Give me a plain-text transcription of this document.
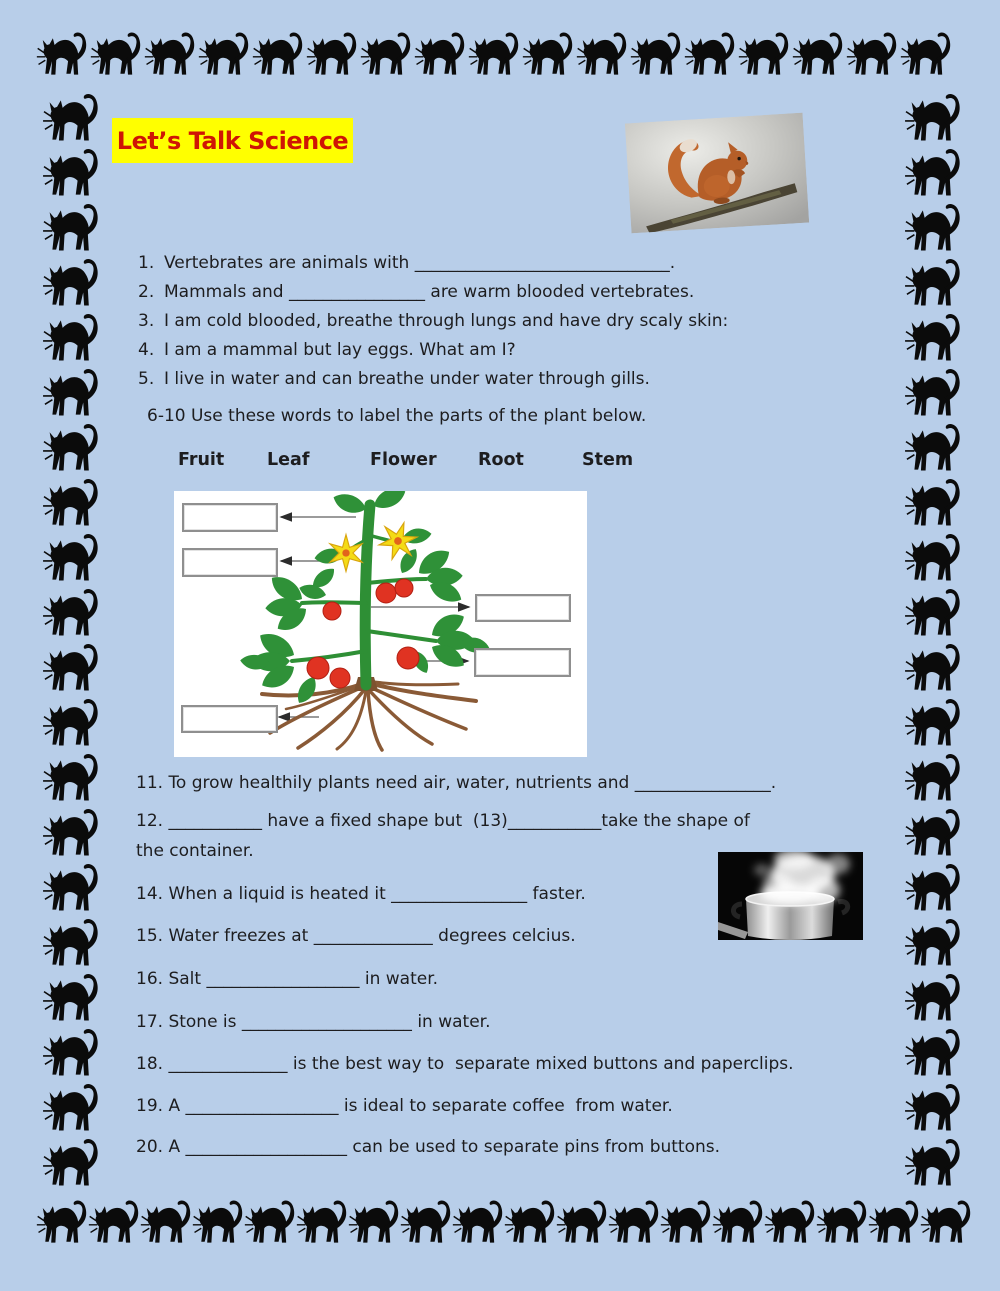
Let’s Talk Science
1. Vertebrates are animals with ______________________________.
2. Mammals and ________________ are warm blooded vertebrates.
3. I am cold blooded, breathe through lungs and have dry scaly skin:
4. I am a mammal but lay eggs. What am I?
5. I live in water and can breathe under water through gills.
6-10 Use these words to label the parts of the plant below.
Fruit Leaf	Flower Root	Stem
11. To grow healthily plants need air, water, nutrients and ________________.
12. ___________ have a fixed shape but  (13)___________take the shape of
the container.
14. When a liquid is heated it ________________ faster.
15. Water freezes at ______________ degrees celcius.
16. Salt __________________ in water.
17. Stone is ____________________ in water.
18. ______________ is the best way to  separate mixed buttons and paperclips.
19. A __________________ is ideal to separate coffee  from water.
20. A ___________________ can be used to separate pins from buttons.
